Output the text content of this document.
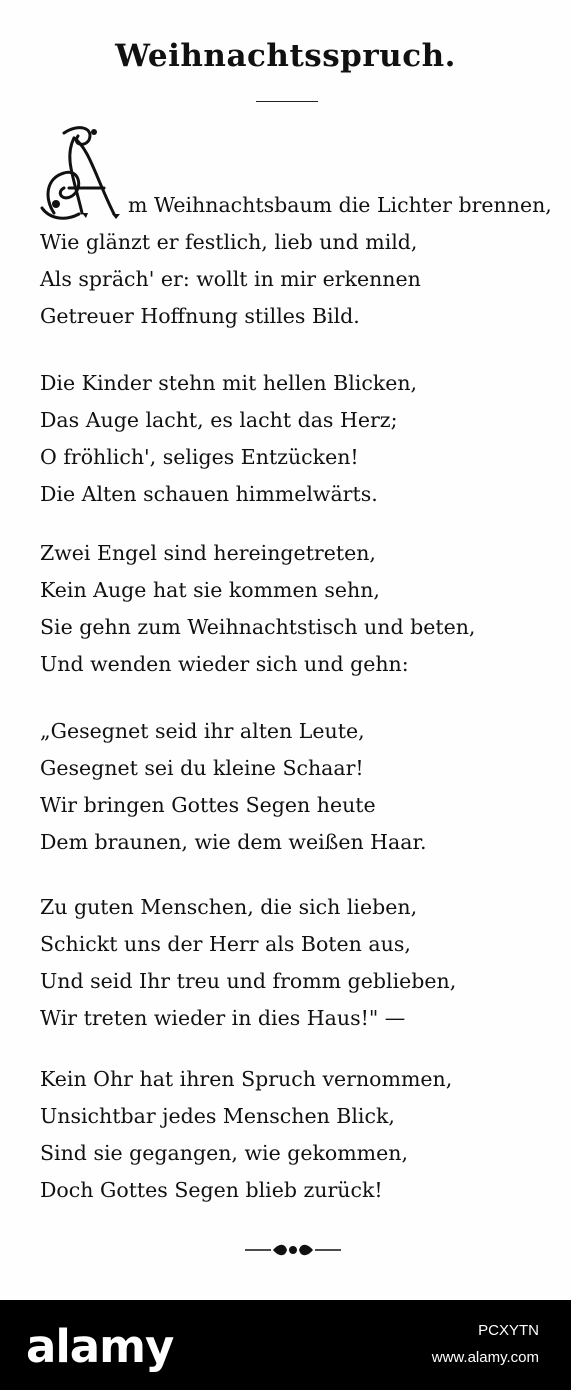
Weihnachtsspruch.
m Weihnachtsbaum die Lichter brennen,
Wie glänzt er festlich, lieb und mild,
Als spräch' er: wollt in mir erkennen
Getreuer Hoffnung stilles Bild.
Die Kinder stehn mit hellen Blicken,
Das Auge lacht, es lacht das Herz;
O fröhlich', seliges Entzücken!
Die Alten schauen himmelwärts.
Zwei Engel sind hereingetreten,
Kein Auge hat sie kommen sehn,
Sie gehn zum Weihnachtstisch und beten,
Und wenden wieder sich und gehn:
„Gesegnet seid ihr alten Leute,
Gesegnet sei du kleine Schaar!
Wir bringen Gottes Segen heute
Dem braunen, wie dem weißen Haar.
Zu guten Menschen, die sich lieben,
Schickt uns der Herr als Boten aus,
Und seid Ihr treu und fromm geblieben,
Wir treten wieder in dies Haus!" —
Kein Ohr hat ihren Spruch vernommen,
Unsichtbar jedes Menschen Blick,
Sind sie gegangen, wie gekommen,
Doch Gottes Segen blieb zurück!
alamy	PCXYTN
www.alamy.com
